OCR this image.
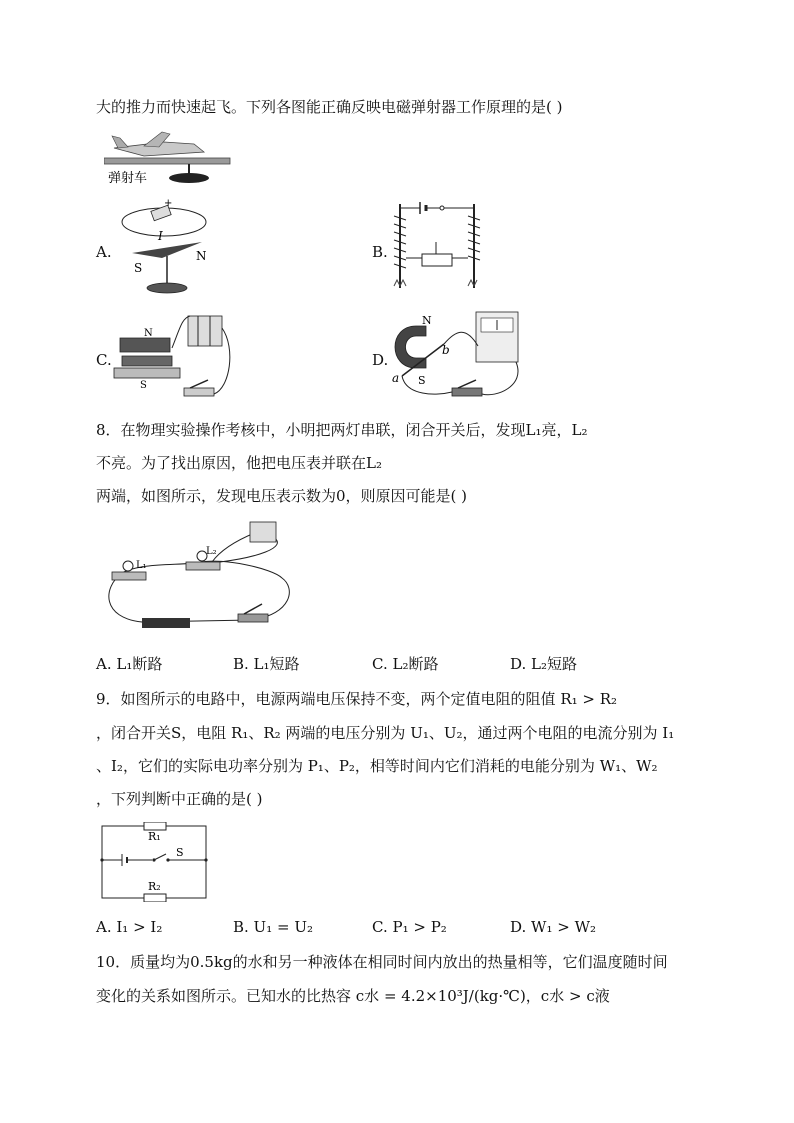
大的推力而快速起飞。下列各图能正确反映电磁弹射器工作原理的是( )
弹射车
A.
+
I
S
N	B.
C.
N
S
D.
N
S
a
b
8．在物理实验操作考核中，小明把两灯串联，闭合开关后，发现L₁亮，L₂
不亮。为了找出原因，他把电压表并联在L₂
两端，如图所示，发现电压表示数为0，则原因可能是( )
L₁
L₂
A. L₁断路	B. L₁短路	C. L₂断路	D. L₂短路
9．如图所示的电路中，电源两端电压保持不变，两个定值电阻的阻值 R₁ > R₂
，闭合开关S，电阻 R₁、R₂ 两端的电压分别为 U₁、U₂，通过两个电阻的电流分别为 I₁
、I₂，它们的实际电功率分别为 P₁、P₂，相等时间内它们消耗的电能分别为 W₁、W₂
，下列判断中正确的是( )
R₁
R₂
S
A. I₁ > I₂	B. U₁ = U₂	C. P₁ > P₂	D. W₁ > W₂
10．质量均为0.5kg的水和另一种液体在相同时间内放出的热量相等，它们温度随时间
变化的关系如图所示。已知水的比热容 c水 = 4.2×10³J/(kg·℃)，c水 > c液
